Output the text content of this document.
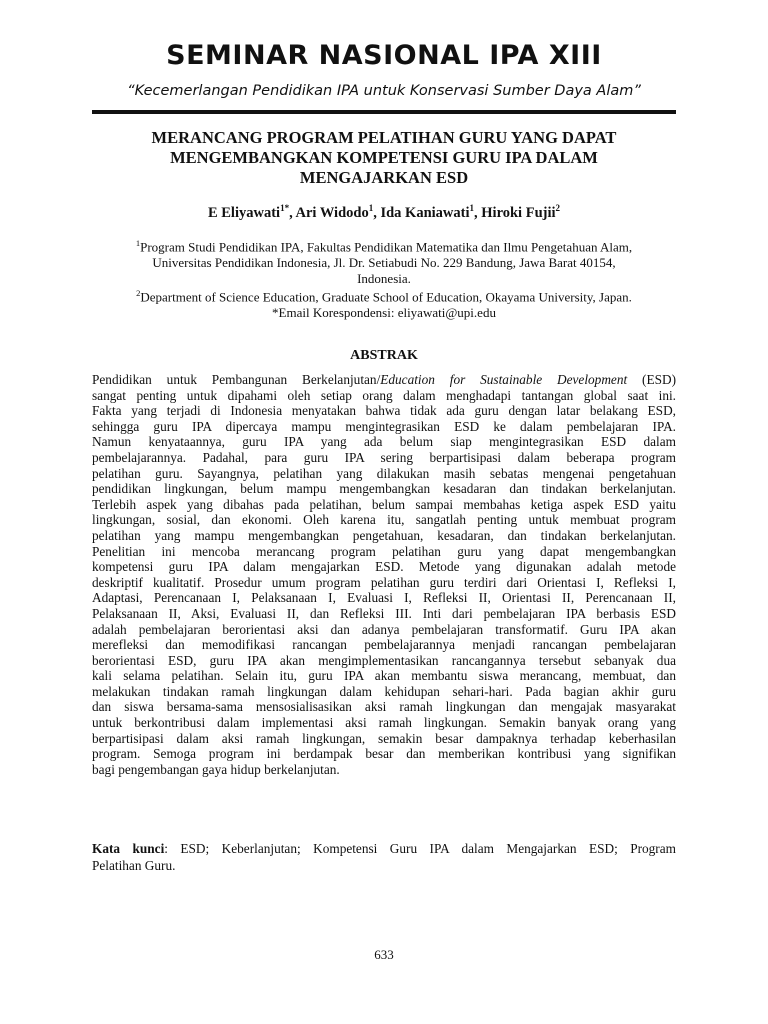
SEMINAR NASIONAL IPA XIII
“Kecemerlangan Pendidikan IPA untuk Konservasi Sumber Daya Alam”
MERANCANG PROGRAM PELATIHAN GURU YANG DAPAT
MENGEMBANGKAN KOMPETENSI GURU IPA DALAM
MENGAJARKAN ESD
E Eliyawati$^{1*}$, Ari Widodo$^1$, Ida Kaniawati$^1$, Hiroki Fujii$^2$
$^1$Program Studi Pendidikan IPA, Fakultas Pendidikan Matematika dan Ilmu Pengetahuan Alam,
Universitas Pendidikan Indonesia, Jl. Dr. Setiabudi No. 229 Bandung, Jawa Barat 40154,
Indonesia.
$^2$Department of Science Education, Graduate School of Education, Okayama University, Japan.
*Email Korespondensi: eliyawati@upi.edu
ABSTRAK
Pendidikan untuk Pembangunan Berkelanjutan/Education for Sustainable Development (ESD)
sangat penting untuk dipahami oleh setiap orang dalam menghadapi tantangan global saat ini.
Fakta yang terjadi di Indonesia menyatakan bahwa tidak ada guru dengan latar belakang ESD,
sehingga guru IPA dipercaya mampu mengintegrasikan ESD ke dalam pembelajaran IPA.
Namun kenyataannya, guru IPA yang ada belum siap mengintegrasikan ESD dalam
pembelajarannya. Padahal, para guru IPA sering berpartisipasi dalam beberapa program
pelatihan guru. Sayangnya, pelatihan yang dilakukan masih sebatas mengenai pengetahuan
pendidikan lingkungan, belum mampu mengembangkan kesadaran dan tindakan berkelanjutan.
Terlebih aspek yang dibahas pada pelatihan, belum sampai membahas ketiga aspek ESD yaitu
lingkungan, sosial, dan ekonomi. Oleh karena itu, sangatlah penting untuk membuat program
pelatihan yang mampu mengembangkan pengetahuan, kesadaran, dan tindakan berkelanjutan.
Penelitian ini mencoba merancang program pelatihan guru yang dapat mengembangkan
kompetensi guru IPA dalam mengajarkan ESD. Metode yang digunakan adalah metode
deskriptif kualitatif. Prosedur umum program pelatihan guru terdiri dari Orientasi I, Refleksi I,
Adaptasi, Perencanaan I, Pelaksanaan I, Evaluasi I, Refleksi II, Orientasi II, Perencanaan II,
Pelaksanaan II, Aksi, Evaluasi II, dan Refleksi III. Inti dari pembelajaran IPA berbasis ESD
adalah pembelajaran berorientasi aksi dan adanya pembelajaran transformatif. Guru IPA akan
merefleksi dan memodifikasi rancangan pembelajarannya menjadi rancangan pembelajaran
berorientasi ESD, guru IPA akan mengimplementasikan rancangannya tersebut sebanyak dua
kali selama pelatihan. Selain itu, guru IPA akan membantu siswa merancang, membuat, dan
melakukan tindakan ramah lingkungan dalam kehidupan sehari-hari. Pada bagian akhir guru
dan siswa bersama-sama mensosialisasikan aksi ramah lingkungan dan mengajak masyarakat
untuk berkontribusi dalam implementasi aksi ramah lingkungan. Semakin banyak orang yang
berpartisipasi dalam aksi ramah lingkungan, semakin besar dampaknya terhadap keberhasilan
program. Semoga program ini berdampak besar dan memberikan kontribusi yang signifikan
bagi pengembangan gaya hidup berkelanjutan.
Kata kunci: ESD; Keberlanjutan; Kompetensi Guru IPA dalam Mengajarkan ESD; Program
Pelatihan Guru.
633
